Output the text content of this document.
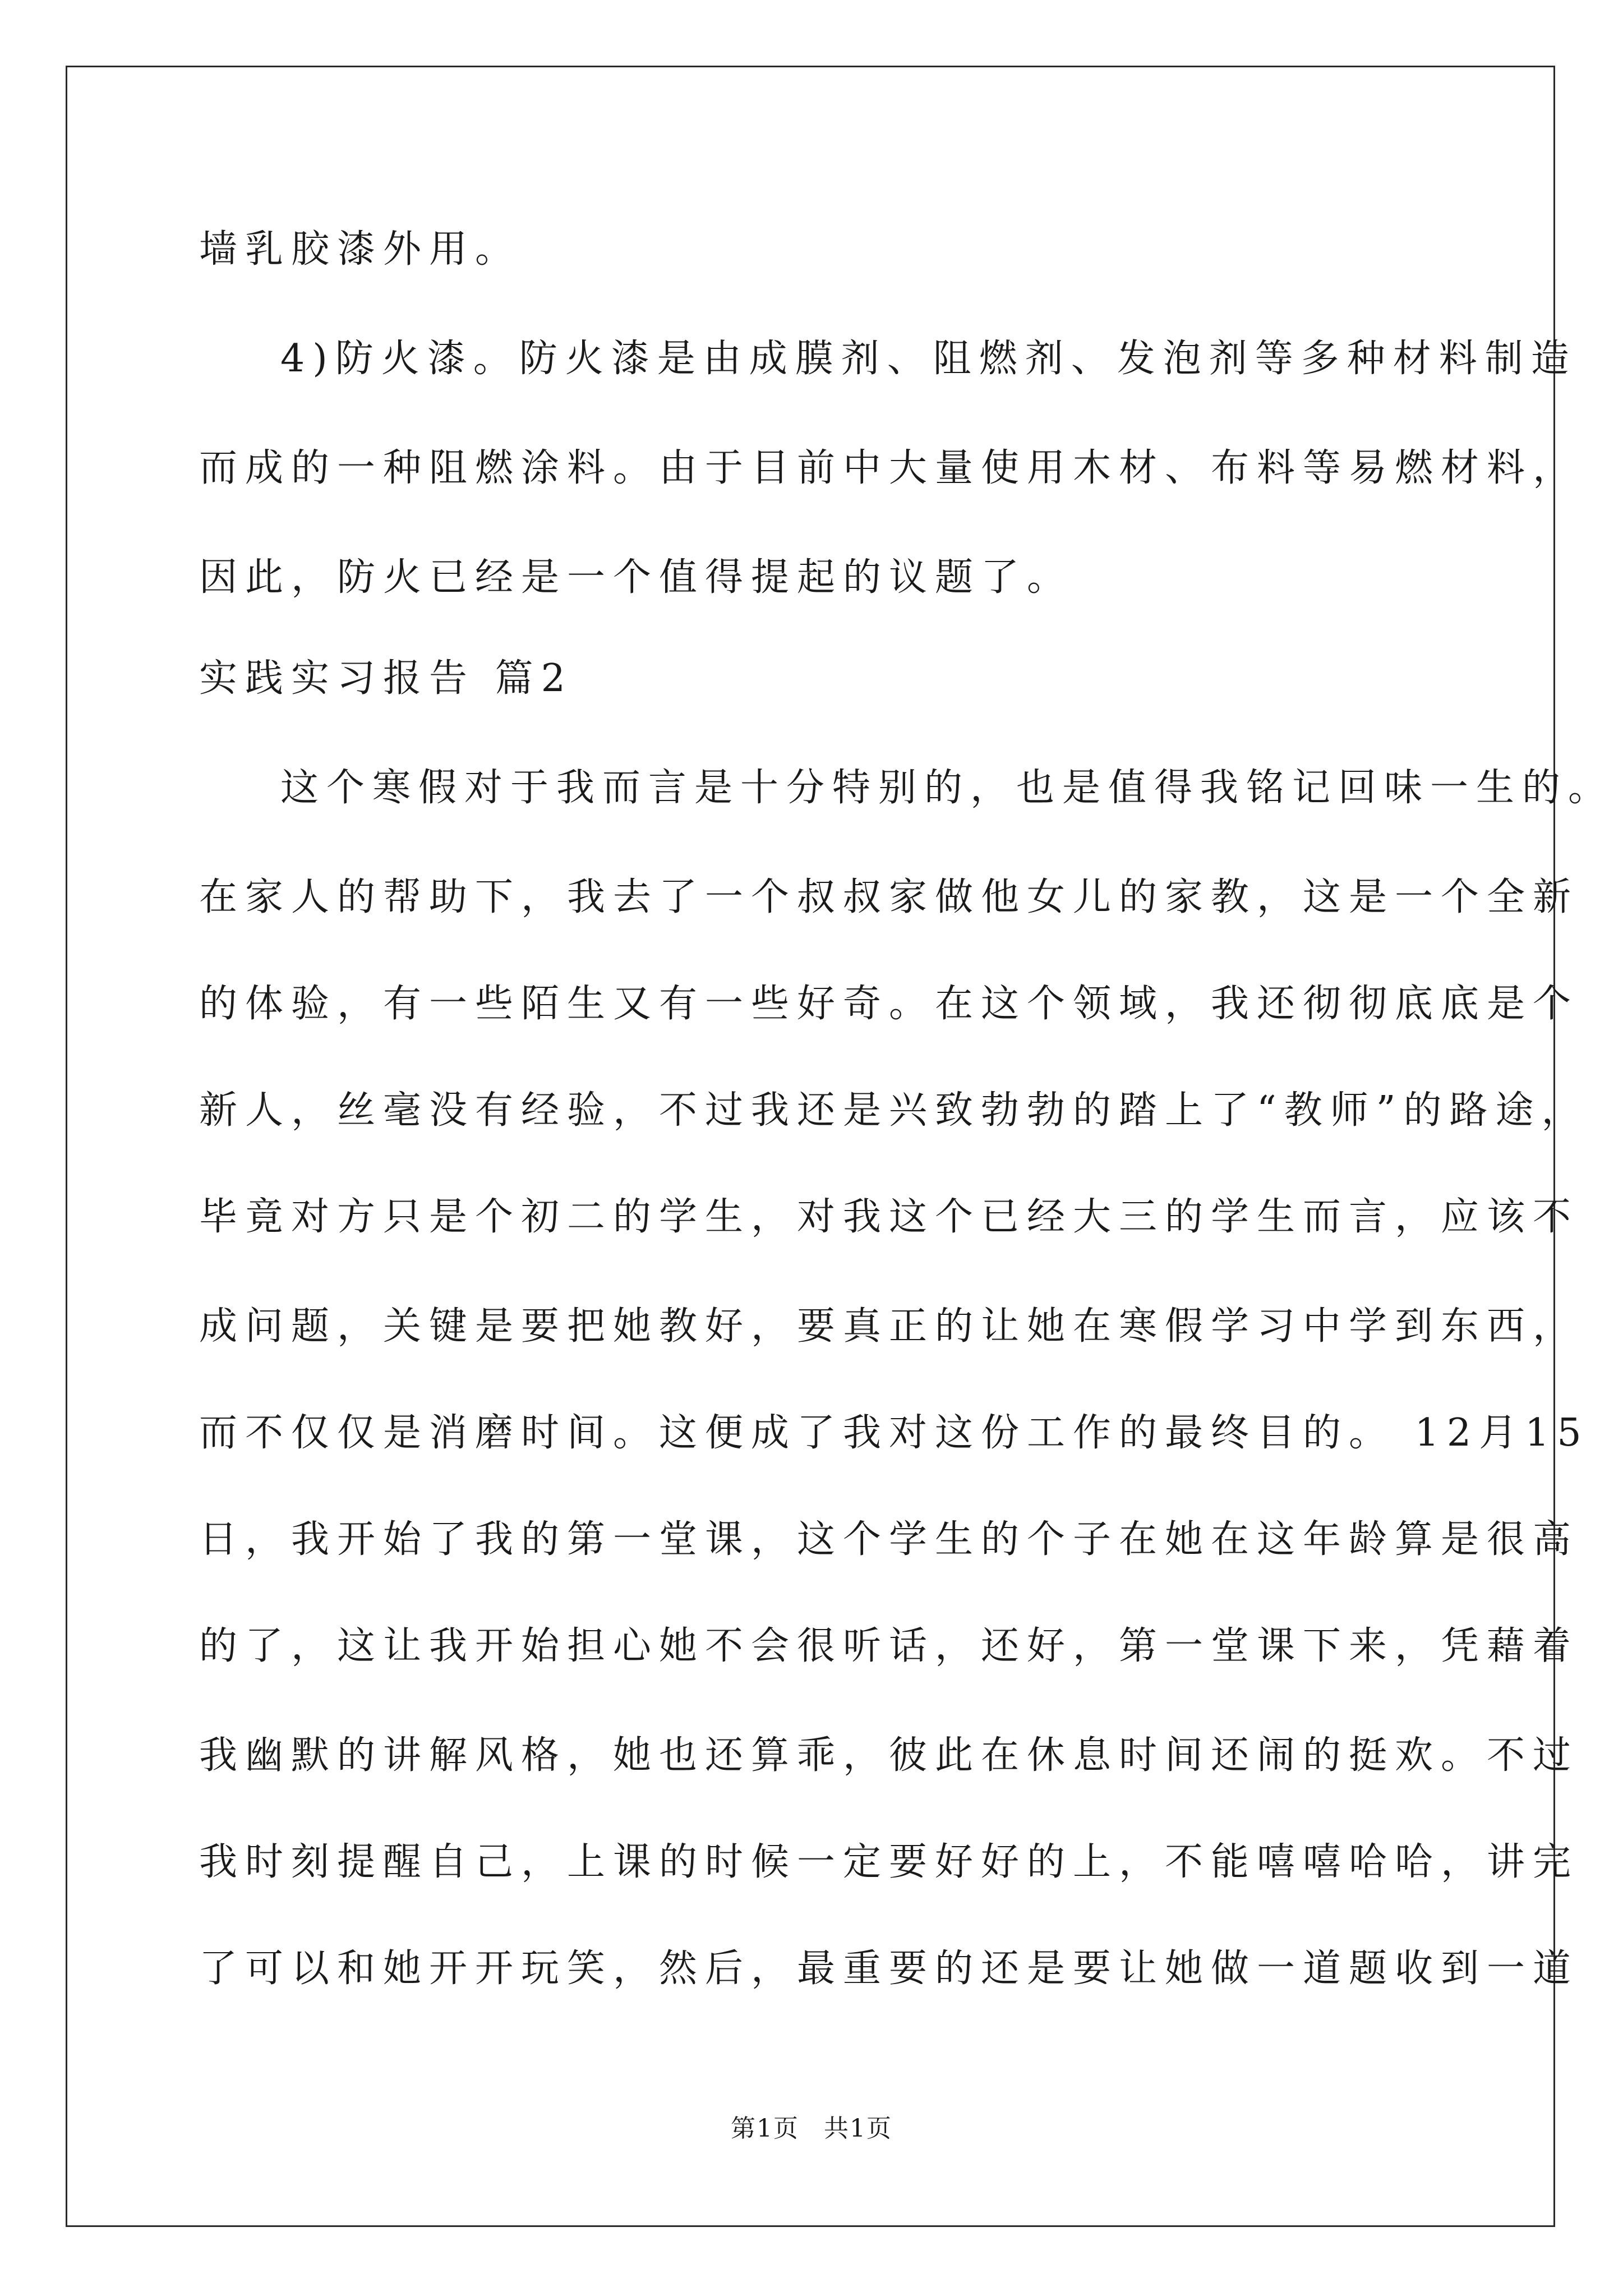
墙乳胶漆外用。
4)防火漆。防火漆是由成膜剂、阻燃剂、发泡剂等多种材料制造
而成的一种阻燃涂料。由于目前中大量使用木材、布料等易燃材料，
因此，防火已经是一个值得提起的议题了。
实践实习报告 篇2
这个寒假对于我而言是十分特别的，也是值得我铭记回味一生的。
在家人的帮助下，我去了一个叔叔家做他女儿的家教，这是一个全新
的体验，有一些陌生又有一些好奇。在这个领域，我还彻彻底底是个
新人，丝毫没有经验，不过我还是兴致勃勃的踏上了“教师”的路途，
毕竟对方只是个初二的学生，对我这个已经大三的学生而言，应该不
成问题，关键是要把她教好，要真正的让她在寒假学习中学到东西，
而不仅仅是消磨时间。这便成了我对这份工作的最终目的。 12月15
日，我开始了我的第一堂课，这个学生的个子在她在这年龄算是很高
的了，这让我开始担心她不会很听话，还好，第一堂课下来，凭藉着
我幽默的讲解风格，她也还算乖，彼此在休息时间还闹的挺欢。不过
我时刻提醒自己，上课的时候一定要好好的上，不能嘻嘻哈哈，讲完
了可以和她开开玩笑，然后，最重要的还是要让她做一道题收到一道
第1页 共1页
